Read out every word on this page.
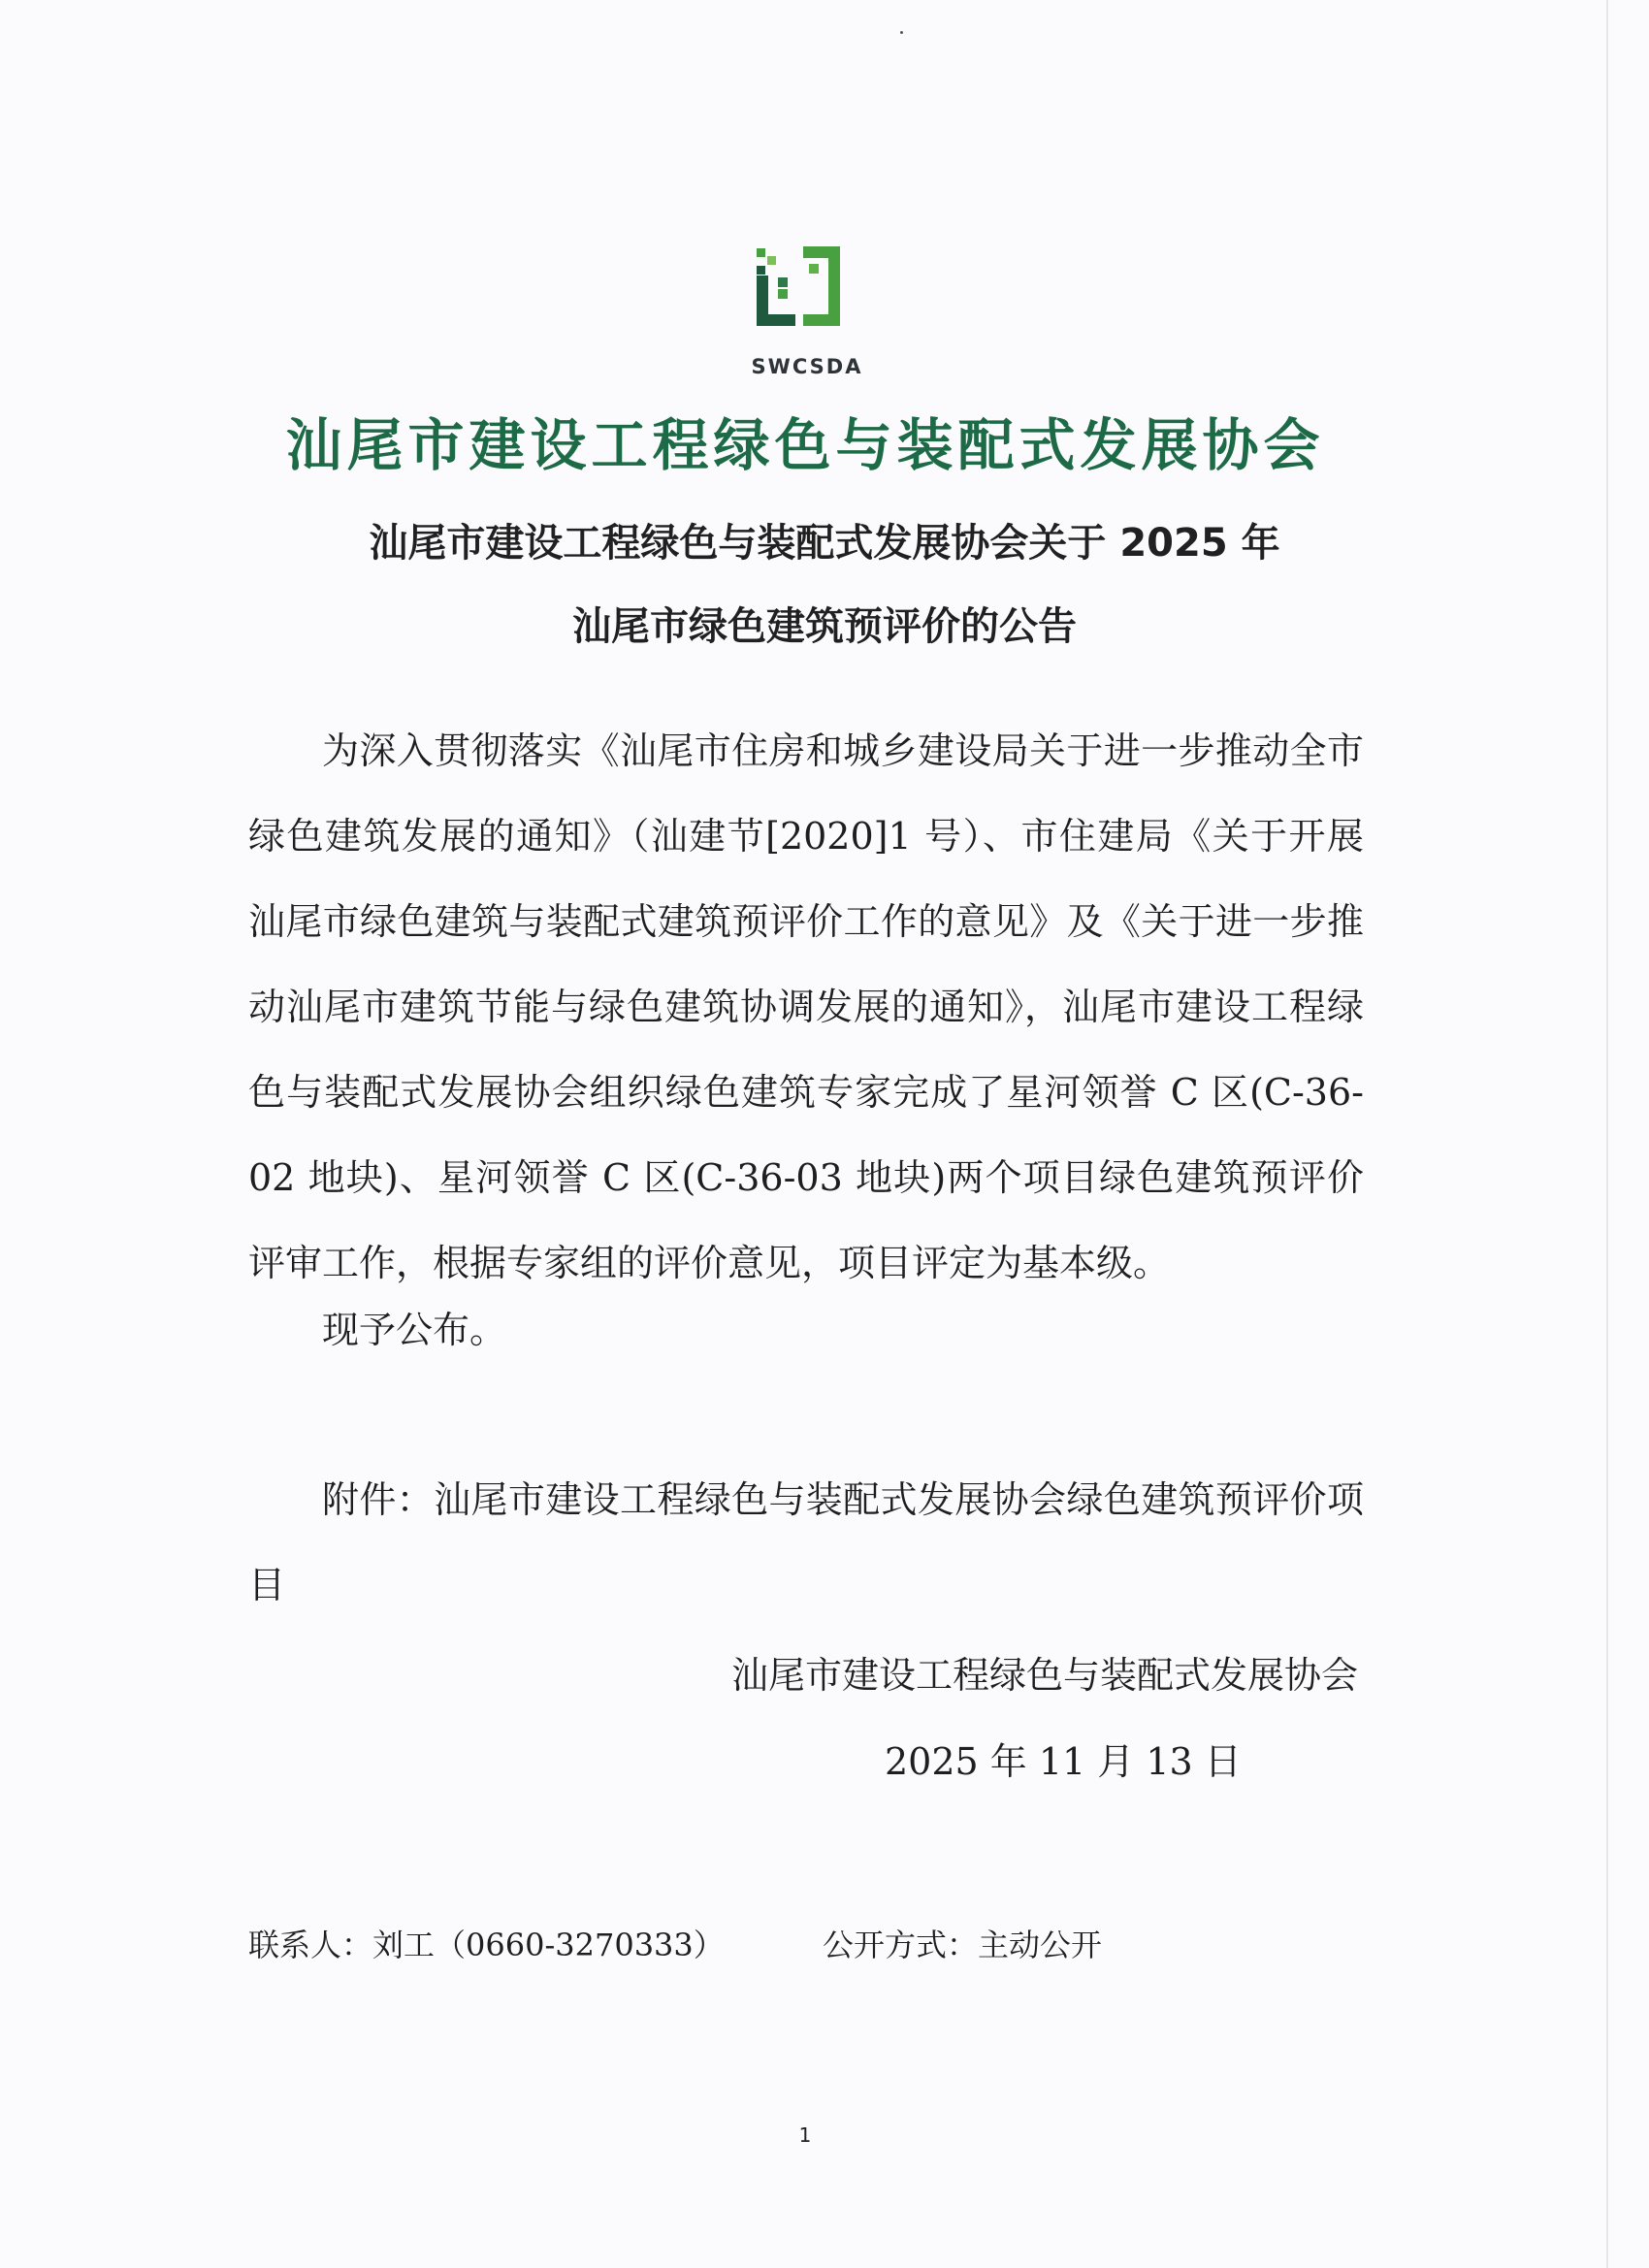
SWCSDA
汕尾市建设工程绿色与装配式发展协会
汕尾市建设工程绿色与装配式发展协会关于 2025 年
汕尾市绿色建筑预评价的公告

为深入贯彻落实《汕尾市住房和城乡建设局关于进一步推动全市绿色建筑发展的通知》（汕建节[2020]1 号）、市住建局《关于开展汕尾市绿色建筑与装配式建筑预评价工作的意见》及《关于进一步推动汕尾市建筑节能与绿色建筑协调发展的通知》，汕尾市建设工程绿色与装配式发展协会组织绿色建筑专家完成了星河领誉 C 区(C-36-02 地块)、星河领誉 C 区(C-36-03 地块)两个项目绿色建筑预评价评审工作，根据专家组的评价意见，项目评定为基本级。

现予公布。

附件：汕尾市建设工程绿色与装配式发展协会绿色建筑预评价项目

汕尾市建设工程绿色与装配式发展协会
2025 年 11 月 13 日
联系人：刘工（0660-3270333）	公开方式：主动公开
1
